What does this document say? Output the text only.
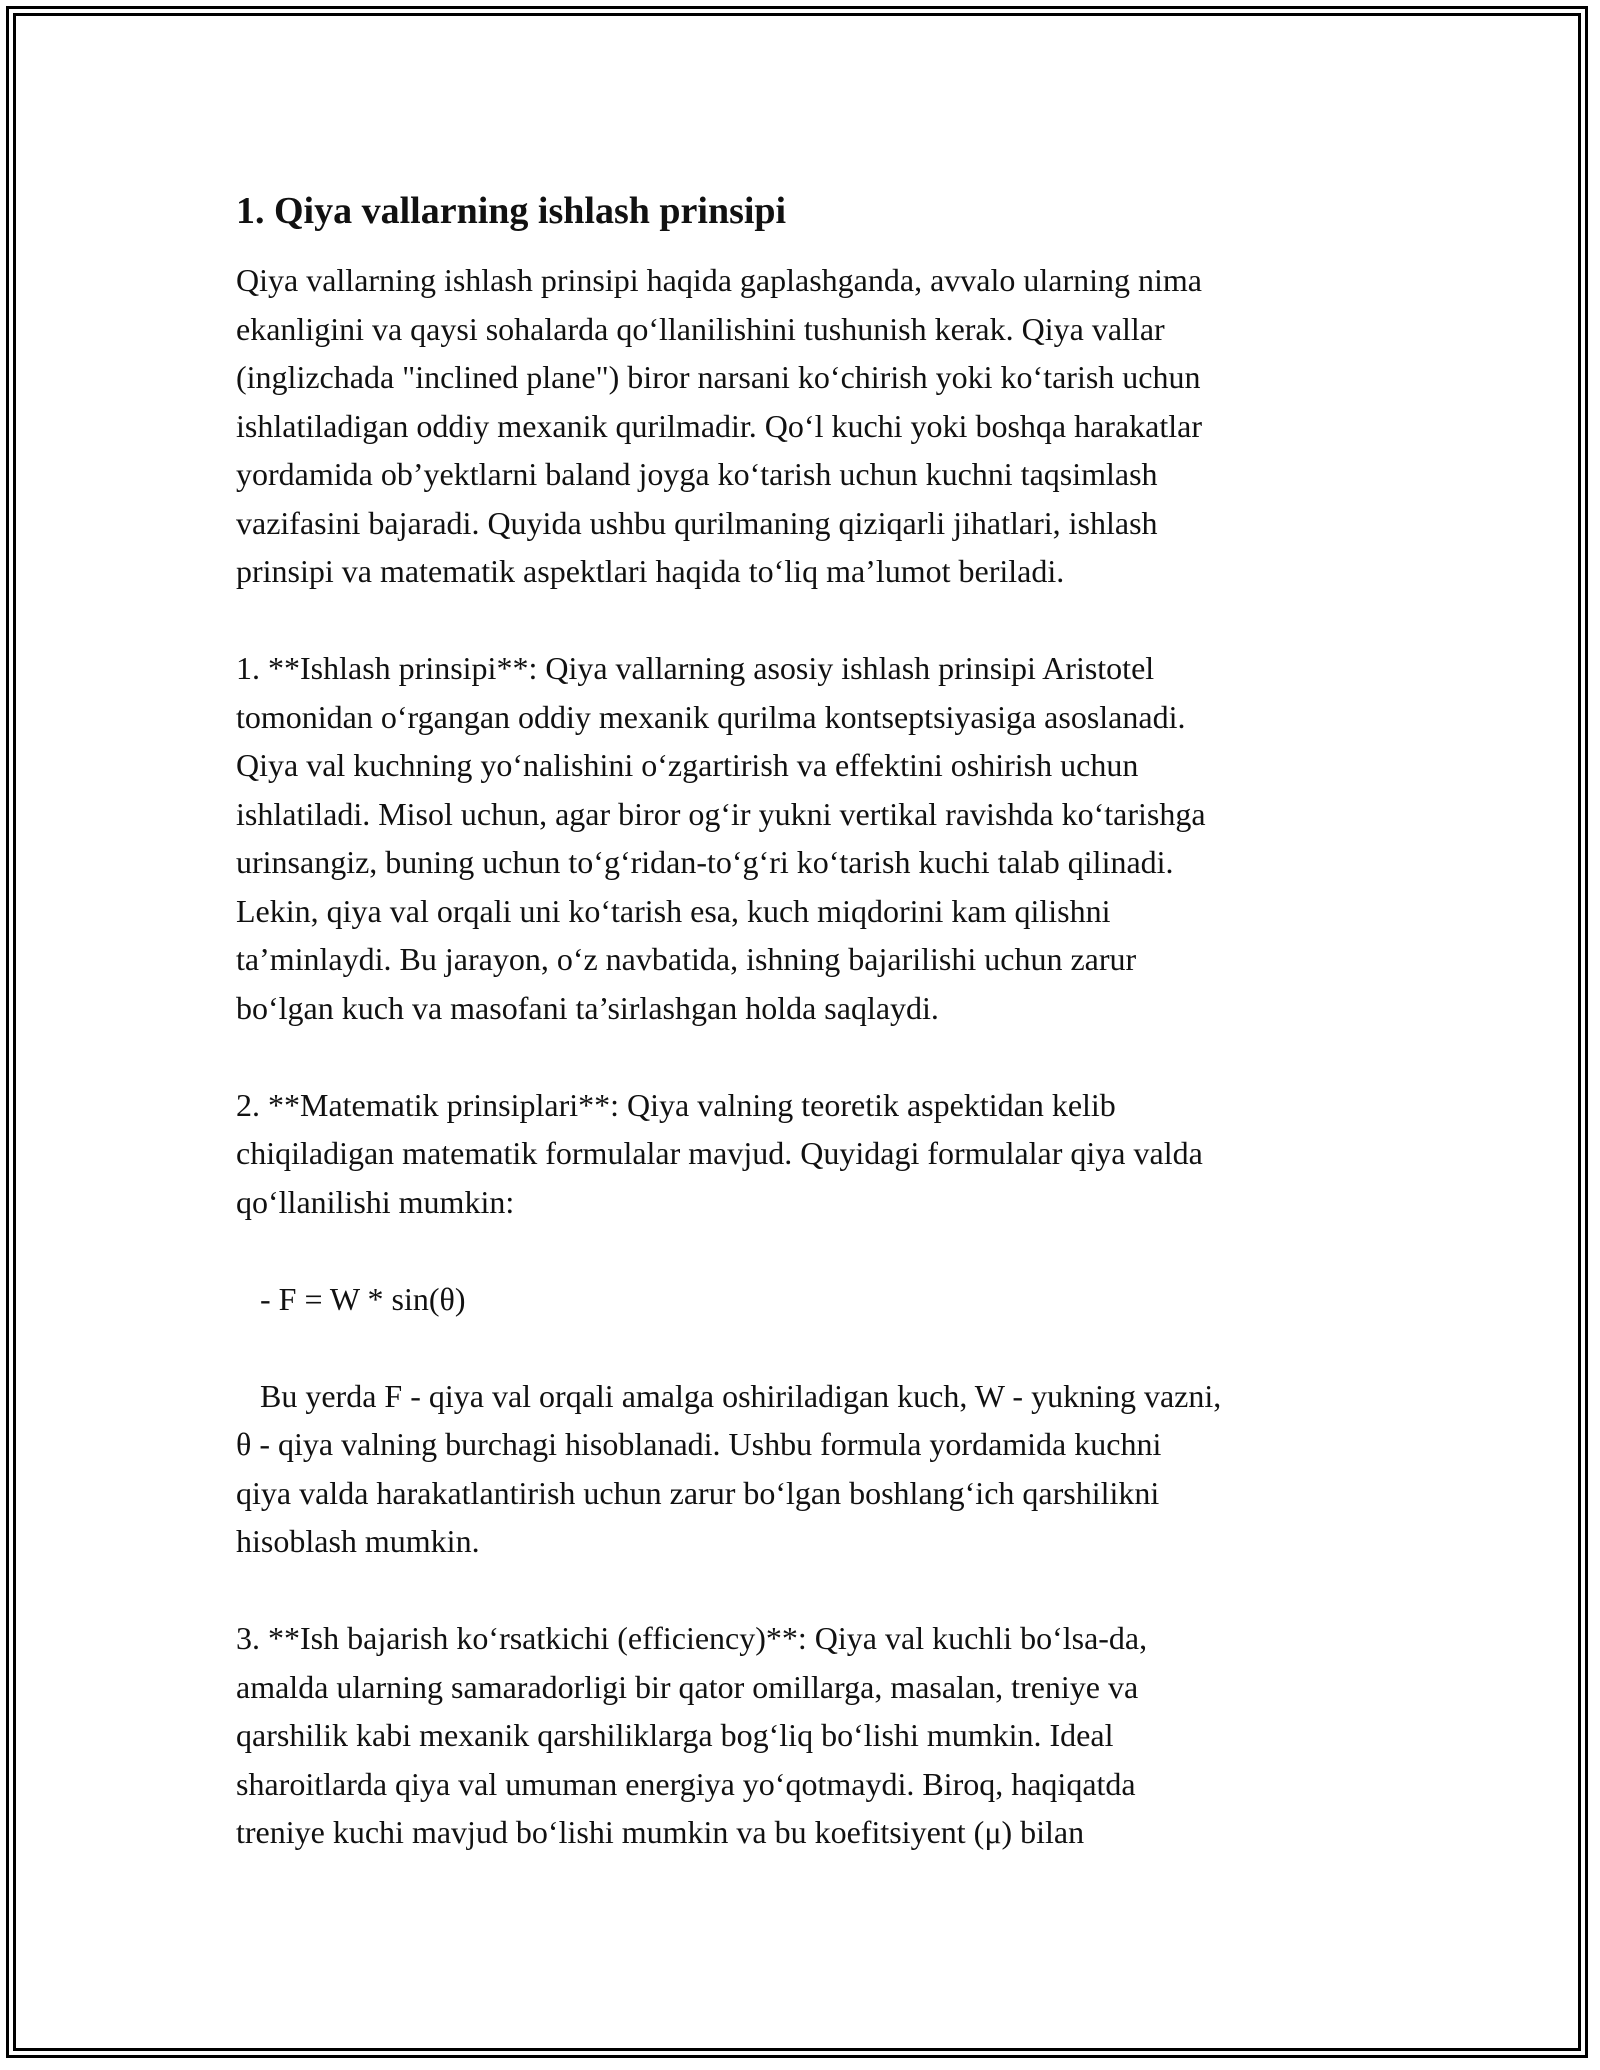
1. Qiya vallarning ishlash prinsipi

Qiya vallarning ishlash prinsipi haqida gaplashganda, avvalo ularning nima
ekanligini va qaysi sohalarda qo‘llanilishini tushunish kerak. Qiya vallar
(inglizchada "inclined plane") biror narsani ko‘chirish yoki ko‘tarish uchun
ishlatiladigan oddiy mexanik qurilmadir. Qo‘l kuchi yoki boshqa harakatlar
yordamida ob’yektlarni baland joyga ko‘tarish uchun kuchni taqsimlash
vazifasini bajaradi. Quyida ushbu qurilmaning qiziqarli jihatlari, ishlash
prinsipi va matematik aspektlari haqida to‘liq ma’lumot beriladi.

1. **Ishlash prinsipi**: Qiya vallarning asosiy ishlash prinsipi Aristotel
tomonidan o‘rgangan oddiy mexanik qurilma kontseptsiyasiga asoslanadi.
Qiya val kuchning yo‘nalishini o‘zgartirish va effektini oshirish uchun
ishlatiladi. Misol uchun, agar biror og‘ir yukni vertikal ravishda ko‘tarishga
urinsangiz, buning uchun to‘g‘ridan-to‘g‘ri ko‘tarish kuchi talab qilinadi.
Lekin, qiya val orqali uni ko‘tarish esa, kuch miqdorini kam qilishni
ta’minlaydi. Bu jarayon, o‘z navbatida, ishning bajarilishi uchun zarur
bo‘lgan kuch va masofani ta’sirlashgan holda saqlaydi.

2. **Matematik prinsiplari**: Qiya valning teoretik aspektidan kelib
chiqiladigan matematik formulalar mavjud. Quyidagi formulalar qiya valda
qo‘llanilishi mumkin:

- F = W * sin(θ)

Bu yerda F - qiya val orqali amalga oshiriladigan kuch, W - yukning vazni,
θ - qiya valning burchagi hisoblanadi. Ushbu formula yordamida kuchni
qiya valda harakatlantirish uchun zarur bo‘lgan boshlang‘ich qarshilikni
hisoblash mumkin.

3. **Ish bajarish ko‘rsatkichi (efficiency)**: Qiya val kuchli bo‘lsa-da,
amalda ularning samaradorligi bir qator omillarga, masalan, treniye va
qarshilik kabi mexanik qarshiliklarga bog‘liq bo‘lishi mumkin. Ideal
sharoitlarda qiya val umuman energiya yo‘qotmaydi. Biroq, haqiqatda
treniye kuchi mavjud bo‘lishi mumkin va bu koefitsiyent (μ) bilan
